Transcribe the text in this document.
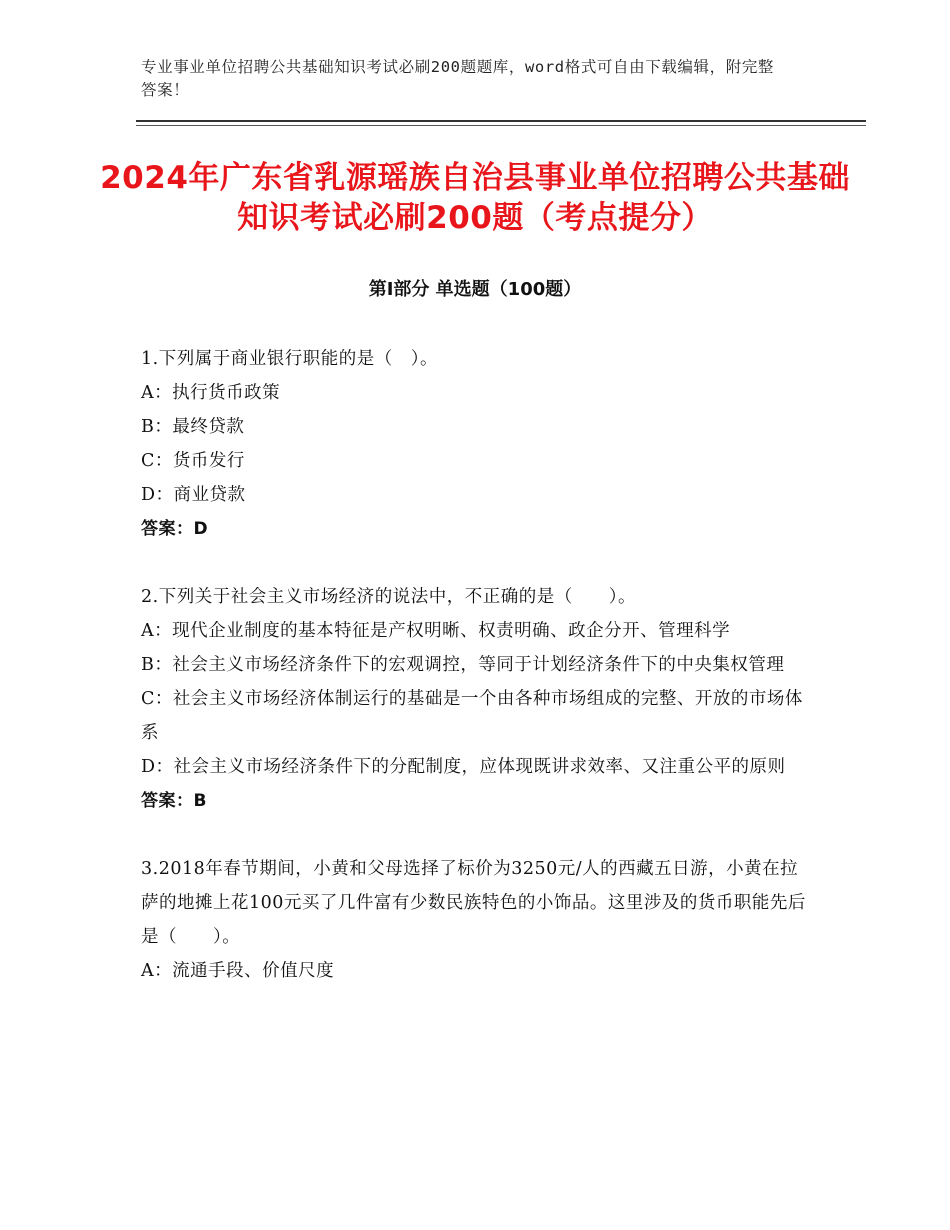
专业事业单位招聘公共基础知识考试必刷200题题库，word格式可自由下载编辑，附完整答案！
2024年广东省乳源瑶族自治县事业单位招聘公共基础知识考试必刷200题（考点提分）
第Ⅰ部分 单选题（100题）
1.下列属于商业银行职能的是（　）。
A：执行货币政策
B：最终贷款
C：货币发行
D：商业贷款
答案：D
2.下列关于社会主义市场经济的说法中，不正确的是（　　）。
A：现代企业制度的基本特征是产权明晰、权责明确、政企分开、管理科学
B：社会主义市场经济条件下的宏观调控，等同于计划经济条件下的中央集权管理
C：社会主义市场经济体制运行的基础是一个由各种市场组成的完整、开放的市场体系
D：社会主义市场经济条件下的分配制度，应体现既讲求效率、又注重公平的原则
答案：B
3.2018年春节期间，小黄和父母选择了标价为3250元/人的西藏五日游，小黄在拉萨的地摊上花100元买了几件富有少数民族特色的小饰品。这里涉及的货币职能先后是（　　）。
A：流通手段、价值尺度
